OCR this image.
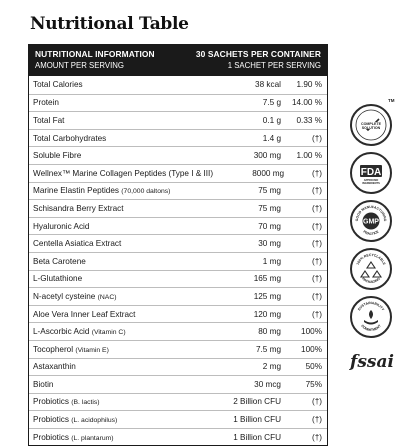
Nutritional Table
NUTRITIONAL INFORMATION	30 SACHETS PER CONTAINER
AMOUNT PER SERVING	1 SACHET PER SERVING
Total Calories	38 kcal	1.90 %
Protein	7.5 g	14.00 %
Total Fat	0.1 g	0.33 %
Total Carbohydrates	1.4 g	(†)
Soluble Fibre	300 mg	1.00 %
Wellnex™ Marine Collagen Peptides (Type I & III)	8000 mg	(†)
Marine Elastin Peptides (70,000 daltons)	75 mg	(†)
Schisandra Berry Extract	75 mg	(†)
Hyaluronic Acid	70 mg	(†)
Centella Asiatica Extract	30 mg	(†)
Beta Carotene	1 mg	(†)
L-Glutathione	165 mg	(†)
N-acetyl cysteine (NAC)	125 mg	(†)
Aloe Vera Inner Leaf Extract	120 mg	(†)
L-Ascorbic Acid (Vitamin C)	80 mg	100%
Tocopherol (Vitamin E)	7.5 mg	100%
Astaxanthin	2 mg	50%
Biotin	30 mcg	75%
Probiotics (B. lactis)	2 Billion CFU	(†)
Probiotics (L. acidophilus)	1 Billion CFU	(†)
Probiotics (L. plantarum)	1 Billion CFU	(†)
COMPLETE
SOLUTION
TM
FDA
APPROVED
INGREDIENTS
GOOD MANUFACTURING
PRACTICE
GMP
100% RECYCLABLE
PACKAGING
SUSTAINABILITY
COMMITMENT
fssai
